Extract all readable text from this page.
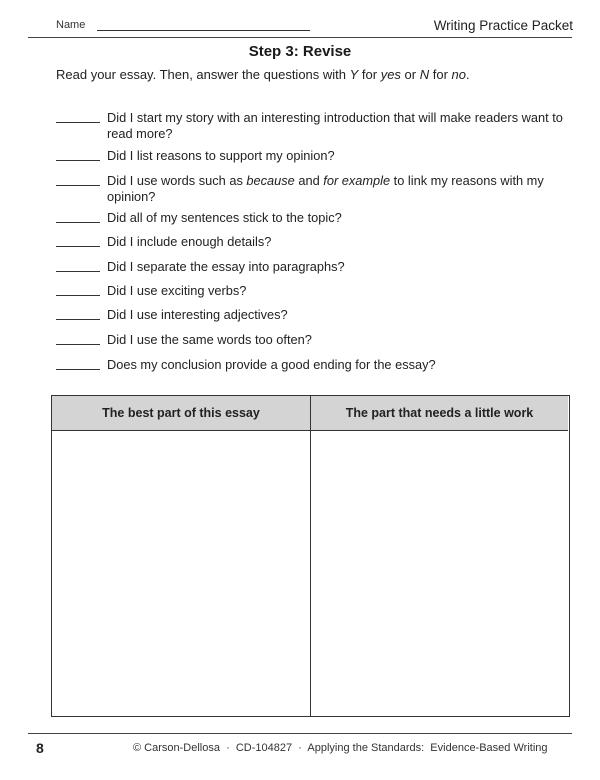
Name	Writing Practice Packet
Step 3: Revise
Read your essay. Then, answer the questions with Y for yes or N for no.
Did I start my story with an interesting introduction that will make readers want to read more?
Did I list reasons to support my opinion?
Did I use words such as because and for example to link my reasons with my opinion?
Did all of my sentences stick to the topic?
Did I include enough details?
Did I separate the essay into paragraphs?
Did I use exciting verbs?
Did I use interesting adjectives?
Did I use the same words too often?
Does my conclusion provide a good ending for the essay?
The best part of this essay	The part that needs a little work
8	© Carson-Dellosa  ·  CD-104827  ·  Applying the Standards:  Evidence-Based Writing
